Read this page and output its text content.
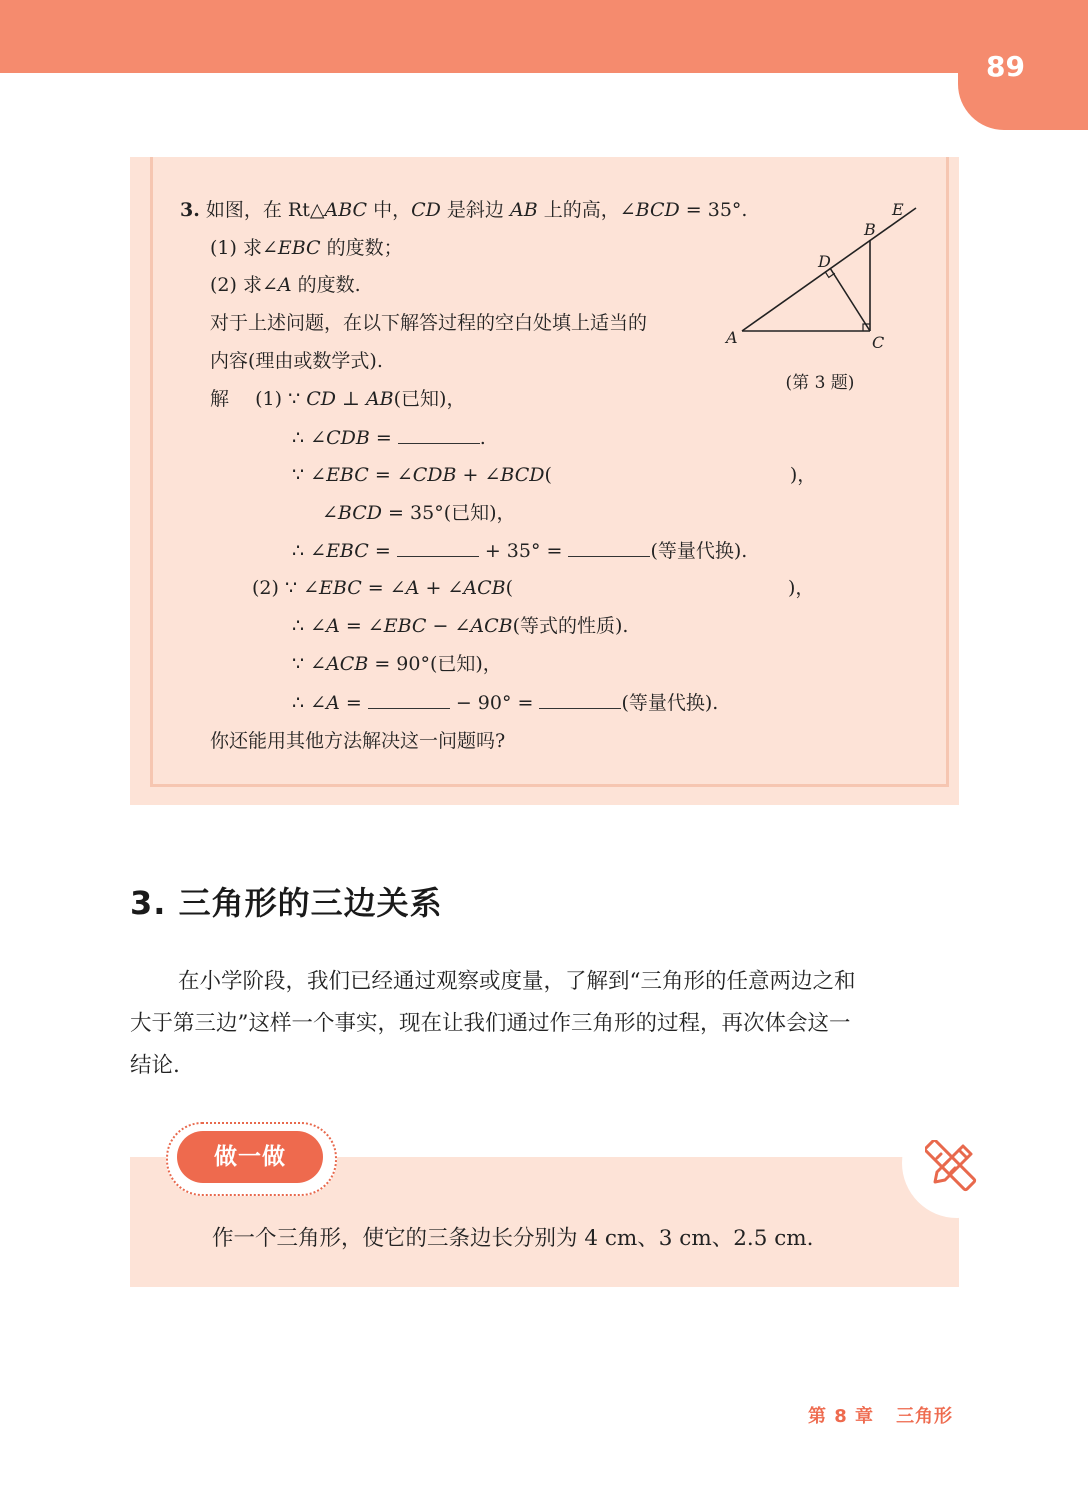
89
3. 如图，在 Rt△ABC 中，CD 是斜边 AB 上的高，∠BCD = 35°.
(1) 求∠EBC 的度数；
(2) 求∠A 的度数.
对于上述问题，在以下解答过程的空白处填上适当的
内容(理由或数学式).
解 (1) ∵ CD ⊥ AB(已知)，
∴ ∠CDB =	.
∵ ∠EBC = ∠CDB + ∠BCD(	)，
∠BCD = 35°(已知)，
∴ ∠EBC =	+ 35° =	(等量代换).
(2) ∵ ∠EBC = ∠A + ∠ACB(	)，
∴ ∠A = ∠EBC − ∠ACB(等式的性质).
∵ ∠ACB = 90°(已知)，
∴ ∠A =	− 90° =	(等量代换).
你还能用其他方法解决这一问题吗?
A
B
C
D
E
(第 3 题)
3. 三角形的三边关系
在小学阶段，我们已经通过观察或度量，了解到“三角形的任意两边之和
大于第三边”这样一个事实，现在让我们通过作三角形的过程，再次体会这一
结论.
做一做
作一个三角形，使它的三条边长分别为 4 cm、3 cm、2.5 cm.
第 8 章 三角形
